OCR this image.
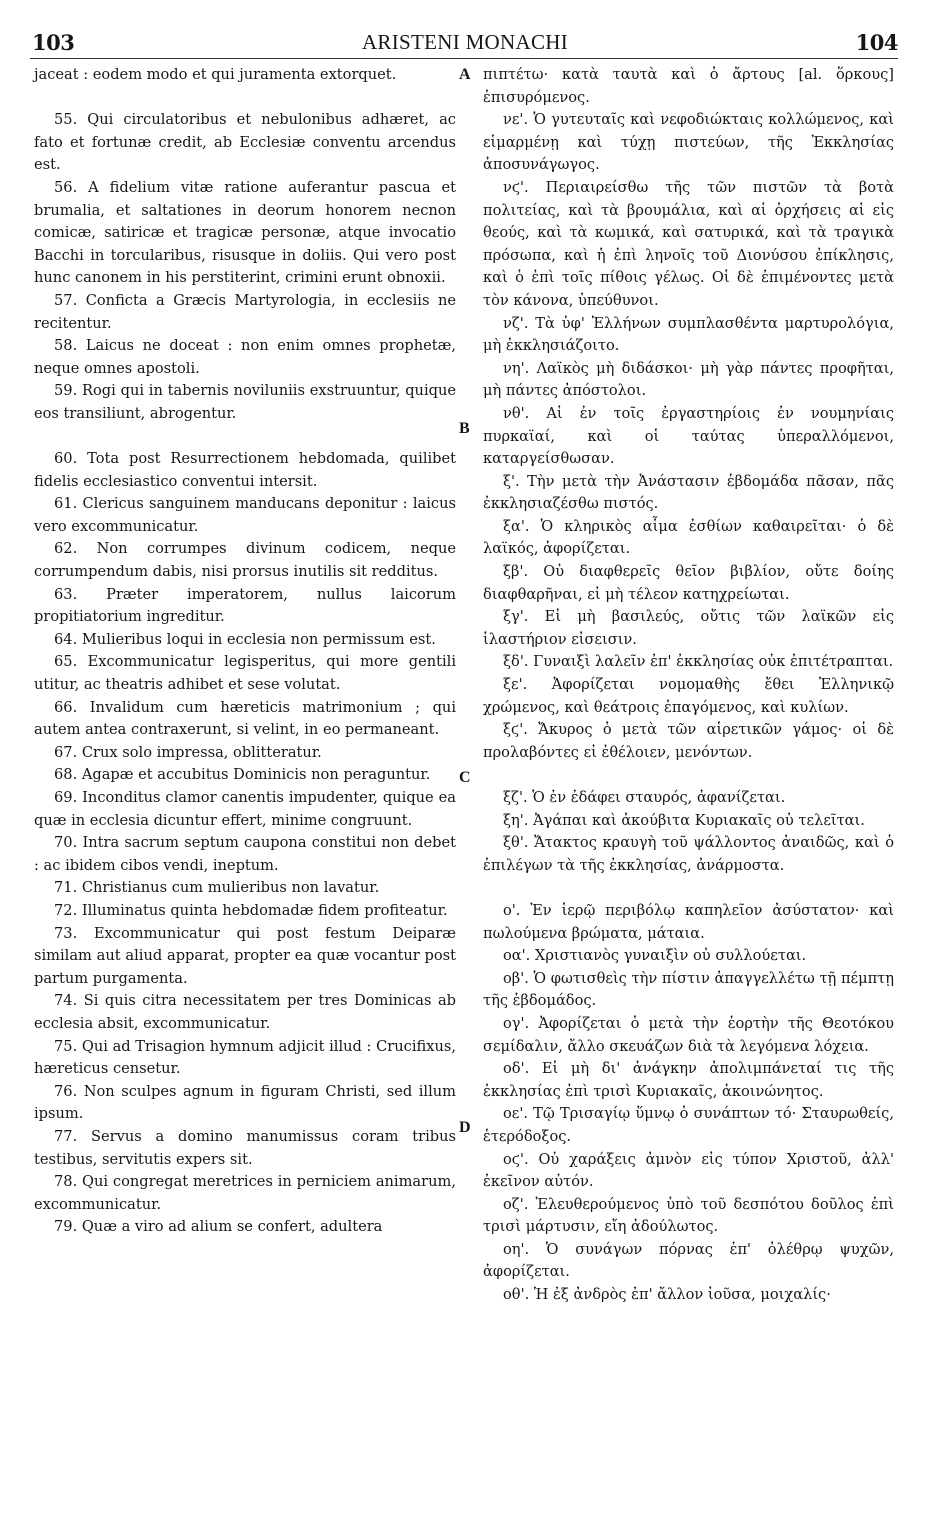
103	ARISTENI MONACHI	104
A
B
C
D

jaceat : eodem modo et qui juramenta extorquet.

55. Qui circulatoribus et nebulonibus adhæret, ac fato et fortunæ credit, ab Ecclesiæ conventu arcendus est.

56. A fidelium vitæ ratione auferantur pascua et brumalia, et saltationes in deorum honorem necnon comicæ, satiricæ et tragicæ personæ, atque invocatio Bacchi in torcularibus, risusque in doliis. Qui vero post hunc canonem in his perstiterint, crimini erunt obnoxii.

57. Conficta a Græcis Martyrologia, in ecclesiis ne recitentur.

58. Laicus ne doceat : non enim omnes prophetæ, neque omnes apostoli.

59. Rogi qui in tabernis noviluniis exstruuntur, quique eos transiliunt, abrogentur.

60. Tota post Resurrectionem hebdomada, quilibet fidelis ecclesiastico conventui intersit.

61. Clericus sanguinem manducans deponitur : laicus vero excommunicatur.

62. Non corrumpes divinum codicem, neque corrumpendum dabis, nisi prorsus inutilis sit redditus.

63. Præter imperatorem, nullus laicorum propitiatorium ingreditur.

64. Mulieribus loqui in ecclesia non permissum est.

65. Excommunicatur legisperitus, qui more gentili utitur, ac theatris adhibet et sese volutat.

66. Invalidum cum hæreticis matrimonium ; qui autem antea contraxerunt, si velint, in eo permaneant.

67. Crux solo impressa, oblitteratur.

68. Agapæ et accubitus Dominicis non peraguntur.

69. Inconditus clamor canentis impudenter, quique ea quæ in ecclesia dicuntur effert, minime congruunt.

70. Intra sacrum septum caupona constitui non debet : ac ibidem cibos vendi, ineptum.

71. Christianus cum mulieribus non lavatur.

72. Illuminatus quinta hebdomadæ fidem profiteatur.

73. Excommunicatur qui post festum Deiparæ similam aut aliud apparat, propter ea quæ vocantur post partum purgamenta.

74. Si quis citra necessitatem per tres Dominicas ab ecclesia absit, excommunicatur.

75. Qui ad Trisagion hymnum adjicit illud : Crucifixus, hæreticus censetur.

76. Non sculpes agnum in figuram Christi, sed illum ipsum.

77. Servus a domino manumissus coram tribus testibus, servitutis expers sit.

78. Qui congregat meretrices in perniciem animarum, excommunicatur.

79. Quæ a viro ad alium se confert, adultera

πιπτέτω· κατὰ ταυτὰ καὶ ὁ ἄρτους [al. ὅρκους] ἐπισυρόμενος.

νε'. Ὁ γυτευταῖς καὶ νεφοδιώκταις κολλώμενος, καὶ εἱμαρμένῃ καὶ τύχῃ πιστεύων, τῆς Ἐκκλησίας ἀποσυνάγωγος.

νϛ'. Περιαιρείσθω τῆς τῶν πιστῶν τὰ βοτὰ πολιτείας, καὶ τὰ βρουμάλια, καὶ αἱ ὀρχήσεις αἱ εἰς θεούς, καὶ τὰ κωμικά, καὶ σατυρικά, καὶ τὰ τραγικὰ πρόσωπα, καὶ ἡ ἐπὶ ληνοῖς τοῦ Διονύσου ἐπίκλησις, καὶ ὁ ἐπὶ τοῖς πίθοις γέλως. Οἱ δὲ ἐπιμένοντες μετὰ τὸν κάνονα, ὑπεύθυνοι.

νζ'. Τὰ ὑφ' Ἑλλήνων συμπλασθέντα μαρτυρολόγια, μὴ ἐκκλησιάζοιτο.

νη'. Λαϊκὸς μὴ διδάσκοι· μὴ γὰρ πάντες προφῆται, μὴ πάντες ἀπόστολοι.

νθ'. Αἱ ἐν τοῖς ἐργαστηρίοις ἐν νουμηνίαις πυρκαϊαί, καὶ οἱ ταύτας ὑπεραλλόμενοι, καταργείσθωσαν.

ξ'. Τὴν μετὰ τὴν Ἀνάστασιν ἑβδομάδα πᾶσαν, πᾶς ἐκκλησιαζέσθω πιστός.

ξα'. Ὁ κληρικὸς αἷμα ἐσθίων καθαιρεῖται· ὁ δὲ λαϊκός, ἀφορίζεται.

ξβ'. Οὐ διαφθερεῖς θεῖον βιβλίον, οὔτε δοίης διαφθαρῆναι, εἰ μὴ τέλεον κατηχρείωται.

ξγ'. Εἰ μὴ βασιλεύς, οὔτις τῶν λαϊκῶν εἰς ἱλαστήριον εἰσεισιν.

ξδ'. Γυναιξὶ λαλεῖν ἐπ' ἐκκλησίας οὐκ ἐπιτέτραπται.

ξε'. Ἀφορίζεται νομομαθὴς ἔθει Ἑλληνικῷ χρώμενος, καὶ θεάτροις ἐπαγόμενος, καὶ κυλίων.

ξϛ'. Ἄκυρος ὁ μετὰ τῶν αἱρετικῶν γάμος· οἱ δὲ προλαβόντες εἰ ἐθέλοιεν, μενόντων.

ξζ'. Ὁ ἐν ἐδάφει σταυρός, ἀφανίζεται.

ξη'. Ἀγάπαι καὶ ἀκούβιτα Κυριακαῖς οὐ τελεῖται.

ξθ'. Ἄτακτος κραυγὴ τοῦ ψάλλοντος ἀναιδῶς, καὶ ὁ ἐπιλέγων τὰ τῆς ἐκκλησίας, ἀνάρμοστα.

ο'. Ἐν ἱερῷ περιβόλῳ καπηλεῖον ἀσύστατον· καὶ πωλούμενα βρώματα, μάταια.

οα'. Χριστιανὸς γυναιξὶν οὐ συλλούεται.

οβ'. Ὁ φωτισθεὶς τὴν πίστιν ἀπαγγελλέτω τῇ πέμπτῃ τῆς ἑβδομάδος.

ογ'. Ἀφορίζεται ὁ μετὰ τὴν ἑορτὴν τῆς Θεοτόκου σεμίδαλιν, ἄλλο σκευάζων διὰ τὰ λεγόμενα λόχεια.

οδ'. Εἰ μὴ δι' ἀνάγκην ἀπολιμπάνεταί τις τῆς ἐκκλησίας ἐπὶ τρισὶ Κυριακαῖς, ἀκοινώνητος.

οε'. Τῷ Τρισαγίῳ ὕμνῳ ὁ συνάπτων τό· Σταυρωθείς, ἑτερόδοξος.

οϛ'. Οὐ χαράξεις ἀμνὸν εἰς τύπον Χριστοῦ, ἀλλ' ἐκεῖνον αὐτόν.

οζ'. Ἐλευθερούμενος ὑπὸ τοῦ δεσπότου δοῦλος ἐπὶ τρισὶ μάρτυσιν, εἴη ἀδούλωτος.

οη'. Ὁ συνάγων πόρνας ἐπ' ὀλέθρῳ ψυχῶν, ἀφορίζεται.

οθ'. Ἡ ἐξ ἀνδρὸς ἐπ' ἄλλον ἰοῦσα, μοιχαλίς·
